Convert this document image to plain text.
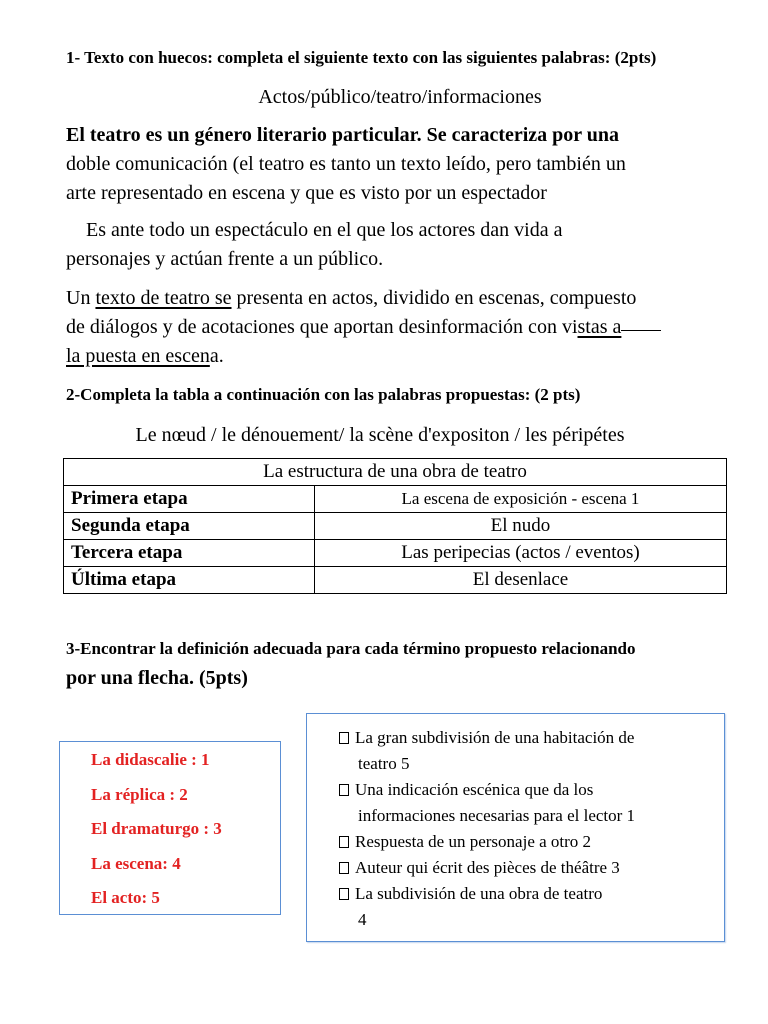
1- Texto con huecos: completa el siguiente texto con las siguientes palabras: (2pts)
Actos/público/teatro/informaciones
El teatro es un género literario particular. Se caracteriza por una
doble comunicación (el teatro es tanto un texto leído, pero también un
arte representado en escena y que es visto por un espectador
Es ante todo un espectáculo en el que los actores dan vida a
personajes y actúan frente a un público.
Un texto de teatro se presenta en actos, dividido en escenas, compuesto
de diálogos y de acotaciones que aportan desinformación con vistas a
la puesta en escena.
2-Completa la tabla a continuación con las palabras propuestas: (2 pts)
Le nœud / le dénouement/ la scène d'expositon / les péripétes
La estructura de una obra de teatro	
Primera etapa	La escena de exposición - escena 1
Segunda etapa	El nudo
Tercera etapa	Las peripecias (actos / eventos)
Última etapa	El desenlace
3-Encontrar la definición adecuada para cada término propuesto relacionando
por una flecha. (5pts)
La didascalie : 1
La réplica : 2
El dramaturgo : 3
La escena: 4
El acto: 5
La gran subdivisión de una habitación de
teatro 5
Una indicación escénica que da los
informaciones necesarias para el lector 1
Respuesta de un personaje a otro 2
Auteur qui écrit des pièces de théâtre 3
La subdivisión de una obra de teatro
4
